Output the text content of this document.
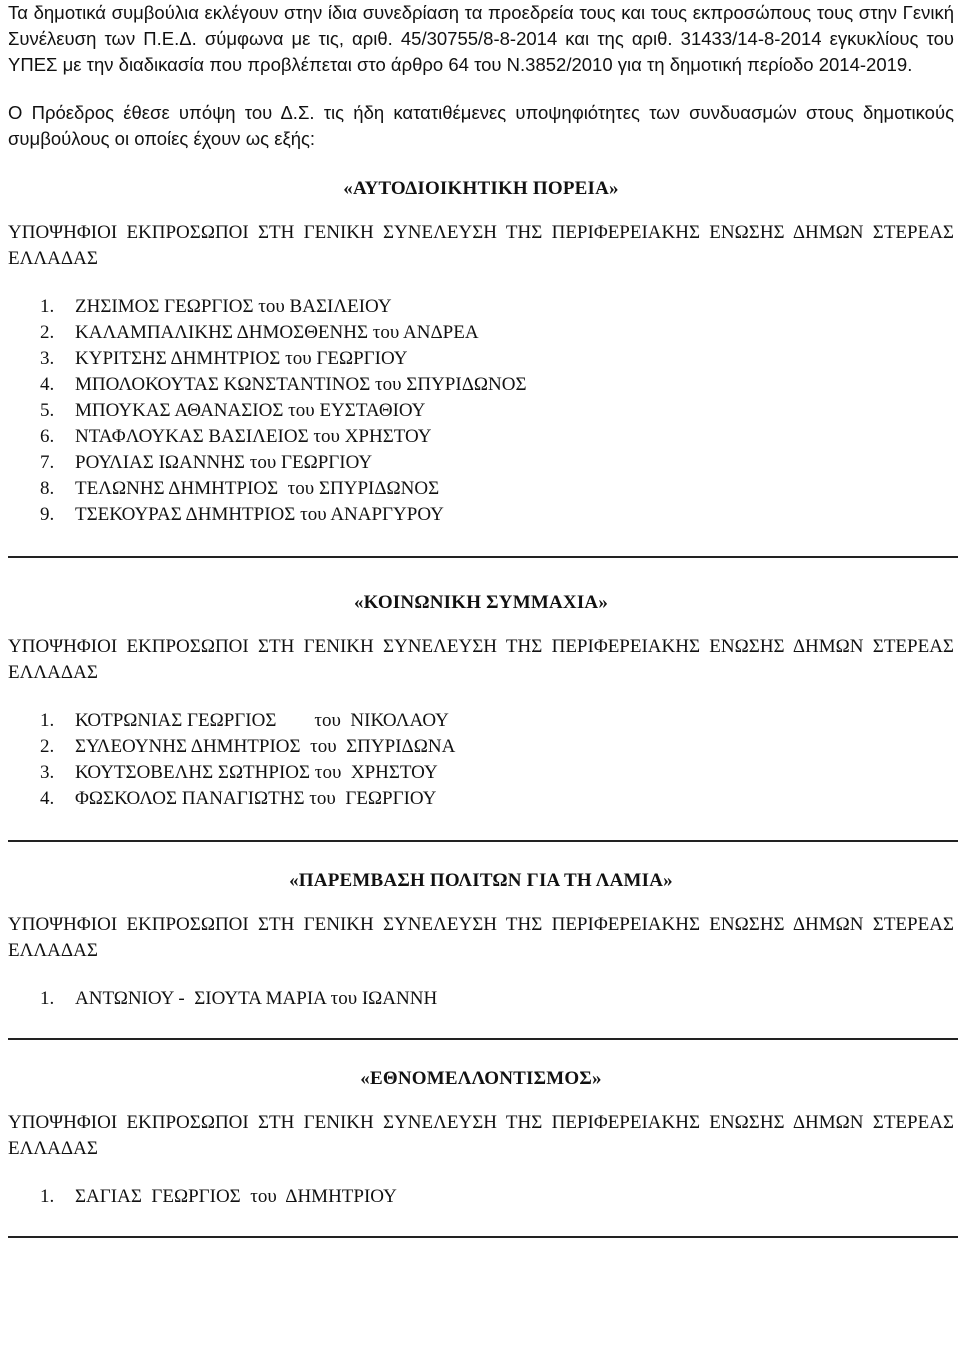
Τα δημοτικά συμβούλια εκλέγουν στην ίδια συνεδρίαση τα προεδρεία τους και τους εκπροσώπους τους στην Γενική Συνέλευση των Π.Ε.Δ. σύμφωνα με τις, αριθ. 45/30755/8-8-2014 και της αριθ. 31433/14-8-2014 εγκυκλίους του ΥΠΕΣ με την διαδικασία που προβλέπεται στο άρθρο 64 του Ν.3852/2010 για τη δημοτική περίοδο 2014-2019.

Ο Πρόεδρος έθεσε υπόψη του Δ.Σ. τις ήδη κατατιθέμενες υποψηφιότητες των συνδυασμών στους δημοτικούς συμβούλους οι οποίες έχουν ως εξής:

«ΑΥΤΟΔΙΟΙΚΗΤΙΚΗ ΠΟΡΕΙΑ»

ΥΠΟΨΗΦΙΟΙ ΕΚΠΡΟΣΩΠΟΙ ΣΤΗ ΓΕΝΙΚΗ ΣΥΝΕΛΕΥΣΗ ΤΗΣ ΠΕΡΙΦΕΡΕΙΑΚΗΣ ΕΝΩΣΗΣ ΔΗΜΩΝ ΣΤΕΡΕΑΣ ΕΛΛΑΔΑΣ

1.	ΖΗΣΙΜΟΣ ΓΕΩΡΓΙΟΣ του ΒΑΣΙΛΕΙΟΥ
2.	ΚΑΛΑΜΠΑΛΙΚΗΣ ΔΗΜΟΣΘΕΝΗΣ του ΑΝΔΡΕΑ
3.	ΚΥΡΙΤΣΗΣ ΔΗΜΗΤΡΙΟΣ του ΓΕΩΡΓΙΟΥ
4.	ΜΠΟΛΟΚΟΥΤΑΣ ΚΩΝΣΤΑΝΤΙΝΟΣ του ΣΠΥΡΙΔΩΝΟΣ
5.	ΜΠΟΥΚΑΣ ΑΘΑΝΑΣΙΟΣ του ΕΥΣΤΑΘΙΟΥ
6.	ΝΤΑΦΛΟΥΚΑΣ ΒΑΣΙΛΕΙΟΣ του ΧΡΗΣΤΟΥ
7.	ΡΟΥΛΙΑΣ ΙΩΑΝΝΗΣ του ΓΕΩΡΓΙΟΥ
8.	ΤΕΛΩΝΗΣ ΔΗΜΗΤΡΙΟΣ  του ΣΠΥΡΙΔΩΝΟΣ
9.	ΤΣΕΚΟΥΡΑΣ ΔΗΜΗΤΡΙΟΣ του ΑΝΑΡΓΥΡΟΥ
«ΚΟΙΝΩΝΙΚΗ ΣΥΜΜΑΧΙΑ»

ΥΠΟΨΗΦΙΟΙ ΕΚΠΡΟΣΩΠΟΙ ΣΤΗ ΓΕΝΙΚΗ ΣΥΝΕΛΕΥΣΗ ΤΗΣ ΠΕΡΙΦΕΡΕΙΑΚΗΣ ΕΝΩΣΗΣ ΔΗΜΩΝ ΣΤΕΡΕΑΣ ΕΛΛΑΔΑΣ

1.	ΚΟΤΡΩΝΙΑΣ ΓΕΩΡΓΙΟΣ        του  ΝΙΚΟΛΑΟΥ
2.	ΣΥΛΕΟΥΝΗΣ ΔΗΜΗΤΡΙΟΣ  του  ΣΠΥΡΙΔΩΝΑ
3.	ΚΟΥΤΣΟΒΕΛΗΣ ΣΩΤΗΡΙΟΣ του  ΧΡΗΣΤΟΥ
4.	ΦΩΣΚΟΛΟΣ ΠΑΝΑΓΙΩΤΗΣ του  ΓΕΩΡΓΙΟΥ
«ΠΑΡΕΜΒΑΣΗ ΠΟΛΙΤΩΝ ΓΙΑ ΤΗ ΛΑΜΙΑ»

ΥΠΟΨΗΦΙΟΙ ΕΚΠΡΟΣΩΠΟΙ ΣΤΗ ΓΕΝΙΚΗ ΣΥΝΕΛΕΥΣΗ ΤΗΣ ΠΕΡΙΦΕΡΕΙΑΚΗΣ ΕΝΩΣΗΣ ΔΗΜΩΝ ΣΤΕΡΕΑΣ ΕΛΛΑΔΑΣ

1.	ΑΝΤΩΝΙΟΥ -  ΣΙΟΥΤΑ ΜΑΡΙΑ του ΙΩΑΝΝΗ
«ΕΘΝΟΜΕΛΛΟΝΤΙΣΜΟΣ»

ΥΠΟΨΗΦΙΟΙ ΕΚΠΡΟΣΩΠΟΙ ΣΤΗ ΓΕΝΙΚΗ ΣΥΝΕΛΕΥΣΗ ΤΗΣ ΠΕΡΙΦΕΡΕΙΑΚΗΣ ΕΝΩΣΗΣ ΔΗΜΩΝ ΣΤΕΡΕΑΣ ΕΛΛΑΔΑΣ

1.	ΣΑΓΙΑΣ  ΓΕΩΡΓΙΟΣ  του  ΔΗΜΗΤΡΙΟΥ
